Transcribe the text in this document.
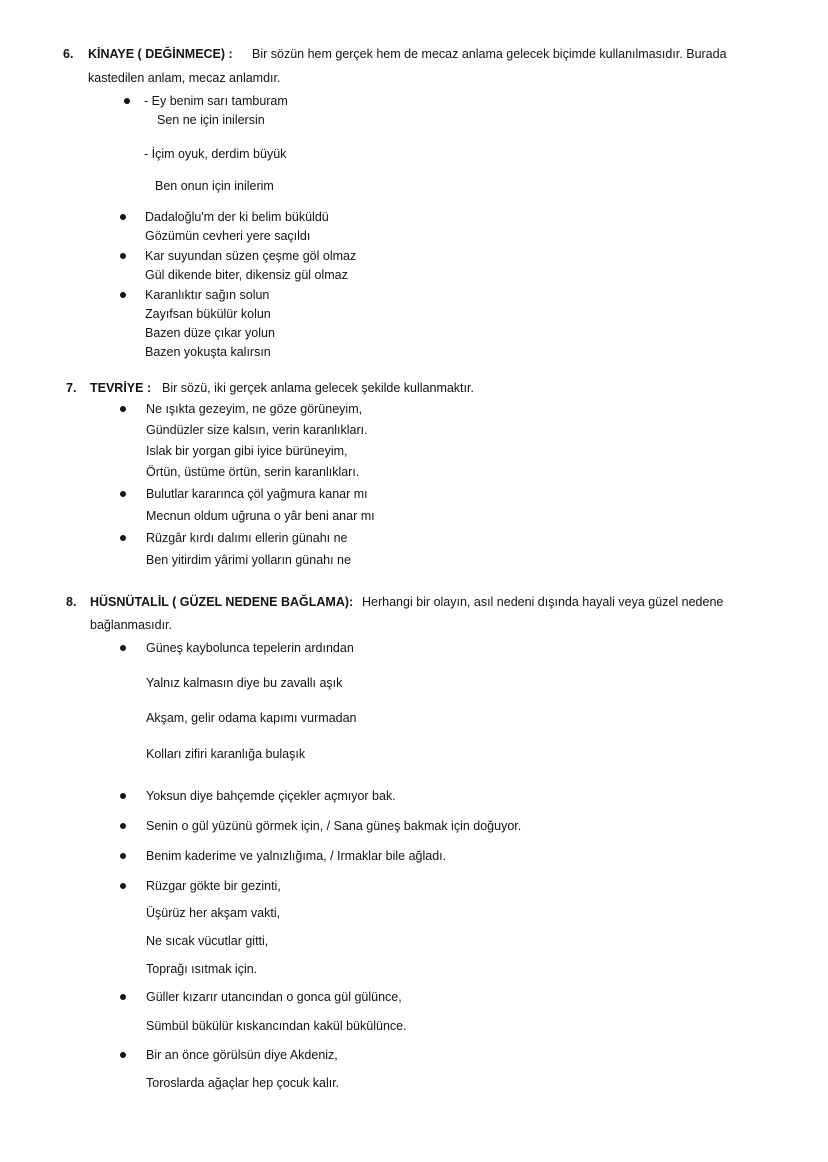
6. KİNAYE ( DEĞİNMECE) : Bir sözün hem gerçek hem de mecaz anlama gelecek biçimde kullanılmasıdır. Burada
kastedilen anlam, mecaz anlamdır.
- Ey benim sarı tamburam
Sen ne için inilersin
- İçim oyuk, derdim büyük
Ben onun için inilerim
Dadaloğlu'm der ki belim büküldü
Gözümün cevheri yere saçıldı
Kar suyundan süzen çeşme göl olmaz
Gül dikende biter, dikensiz gül olmaz
Karanlıktır sağın solun
Zayıfsan bükülür kolun
Bazen düze çıkar yolun
Bazen yokuşta kalırsın
7. TEVRİYE : Bir sözü, iki gerçek anlama gelecek şekilde kullanmaktır.
Ne ışıkta gezeyim, ne göze görüneyim,
Gündüzler size kalsın, verin karanlıkları.
Islak bir yorgan gibi iyice bürüneyim,
Örtün, üstüme örtün, serin karanlıkları.
Bulutlar kararınca çöl yağmura kanar mı
Mecnun oldum uğruna o yâr beni anar mı
Rüzgâr kırdı dalımı ellerin günahı ne
Ben yitirdim yârimi yolların günahı ne
8. HÜSNÜTALİL ( GÜZEL NEDENE BAĞLAMA): Herhangi bir olayın, asıl nedeni dışında hayali veya güzel nedene
bağlanmasıdır.
Güneş kaybolunca tepelerin ardından
Yalnız kalmasın diye bu zavallı aşık
Akşam, gelir odama kapımı vurmadan
Kolları zifiri karanlığa bulaşık
Yoksun diye bahçemde çiçekler açmıyor bak.
Senin o gül yüzünü görmek için, / Sana güneş bakmak için doğuyor.
Benim kaderime ve yalnızlığıma, / Irmaklar bile ağladı.
Rüzgar gökte bir gezinti,
Üşürüz her akşam vakti,
Ne sıcak vücutlar gitti,
Toprağı ısıtmak için.
Güller kızarır utancından o gonca gül gülünce,
Sümbül bükülür kıskancından kakül bükülünce.
Bir an önce görülsün diye Akdeniz,
Toroslarda ağaçlar hep çocuk kalır.
